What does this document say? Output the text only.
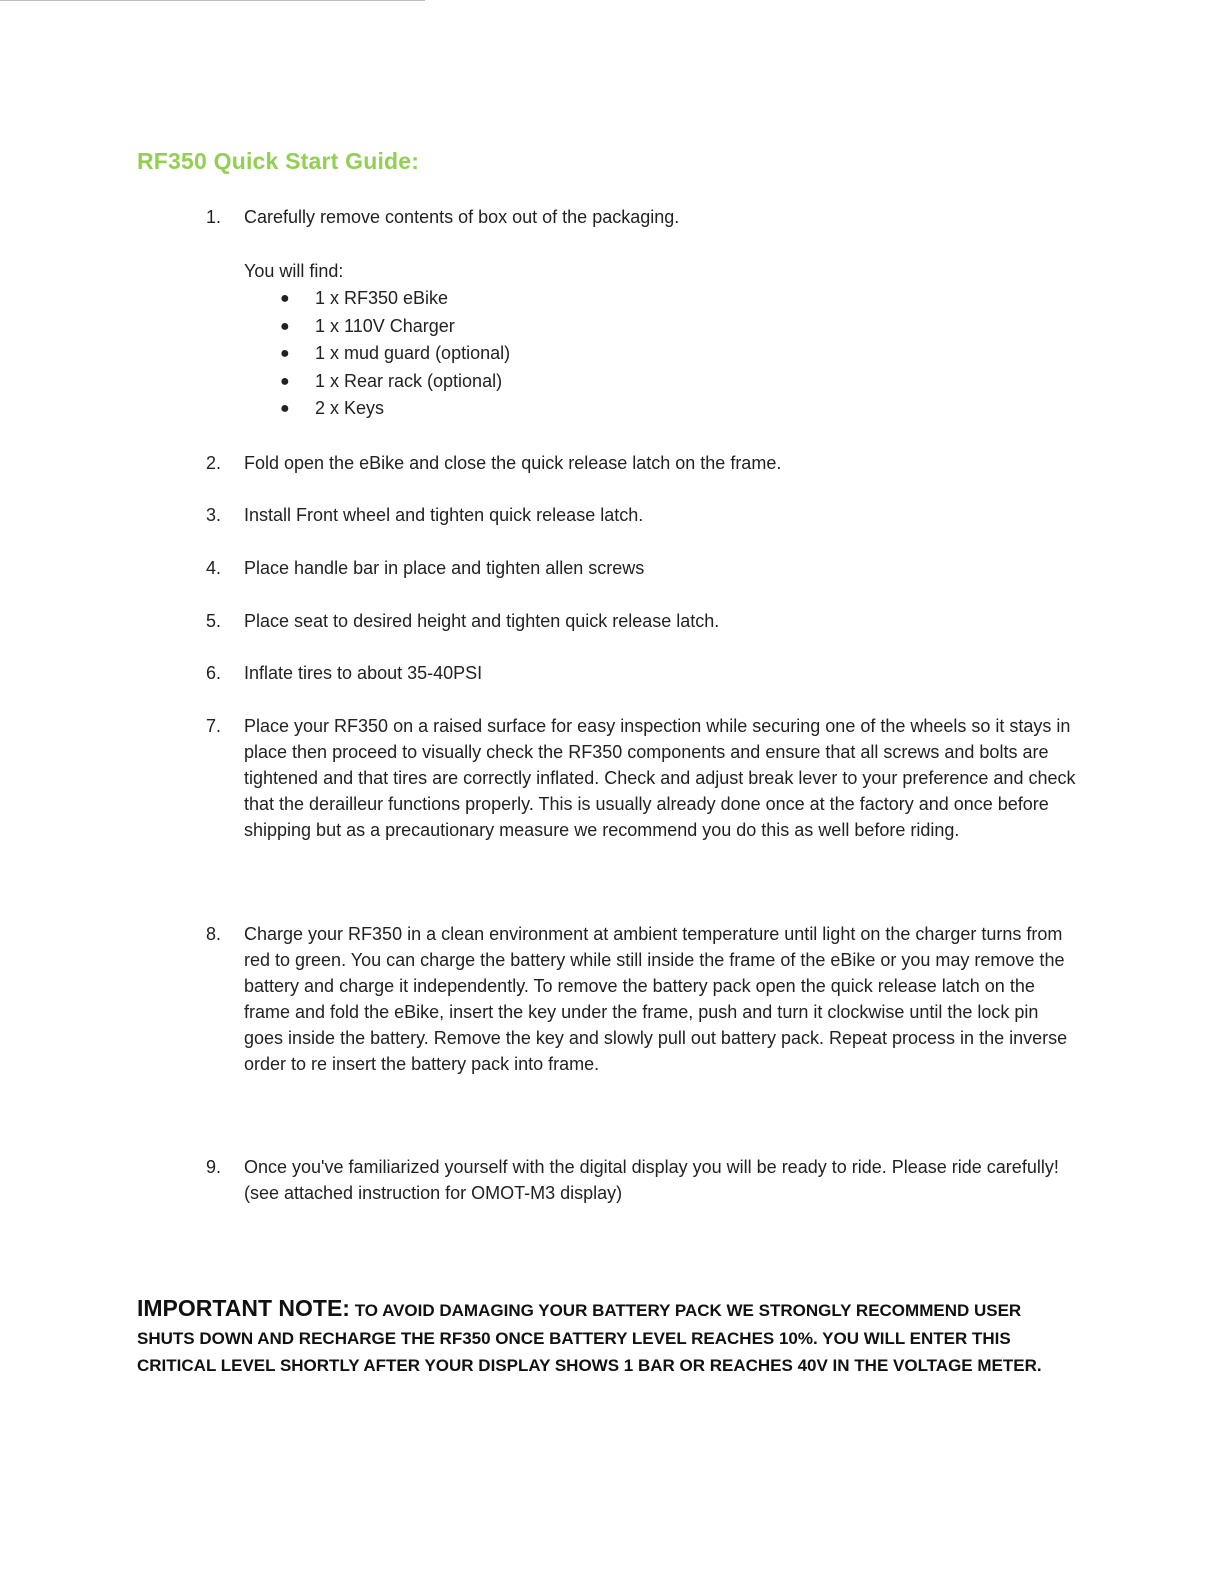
RF350 Quick Start Guide:
1.	Carefully remove contents of box out of the packaging.
You will find:
● 1 x RF350 eBike
● 1 x 110V Charger
● 1 x mud guard (optional)
● 1 x Rear rack (optional)
● 2 x Keys
2.	Fold open the eBike and close the quick release latch on the frame.
3.	Install Front wheel and tighten quick release latch.
4.	Place handle bar in place and tighten allen screws
5.	Place seat to desired height and tighten quick release latch.
6.	Inflate tires to about 35-40PSI
7.	Place your RF350 on a raised surface for easy inspection while securing one of the wheels so it stays in place then proceed to visually check the RF350 components and ensure that all screws and bolts are tightened and that tires are correctly inflated. Check and adjust break lever to your preference and check that the derailleur functions properly. This is usually already done once at the factory and once before shipping but as a precautionary measure we recommend you do this as well before riding.
8.	Charge your RF350 in a clean environment at ambient temperature until light on the charger turns from red to green. You can charge the battery while still inside the frame of the eBike or you may remove the battery and charge it independently. To remove the battery pack open the quick release latch on the frame and fold the eBike, insert the key under the frame, push and turn it clockwise until the lock pin goes inside the battery. Remove the key and slowly pull out battery pack. Repeat process in the inverse order to re insert the battery pack into frame.
9.	Once you've familiarized yourself with the digital display you will be ready to ride. Please ride carefully! (see attached instruction for OMOT-M3 display)
IMPORTANT NOTE: TO AVOID DAMAGING YOUR BATTERY PACK WE STRONGLY RECOMMEND USER SHUTS DOWN AND RECHARGE THE RF350 ONCE BATTERY LEVEL REACHES 10%. YOU WILL ENTER THIS CRITICAL LEVEL SHORTLY AFTER YOUR DISPLAY SHOWS 1 BAR OR REACHES 40V IN THE VOLTAGE METER.
